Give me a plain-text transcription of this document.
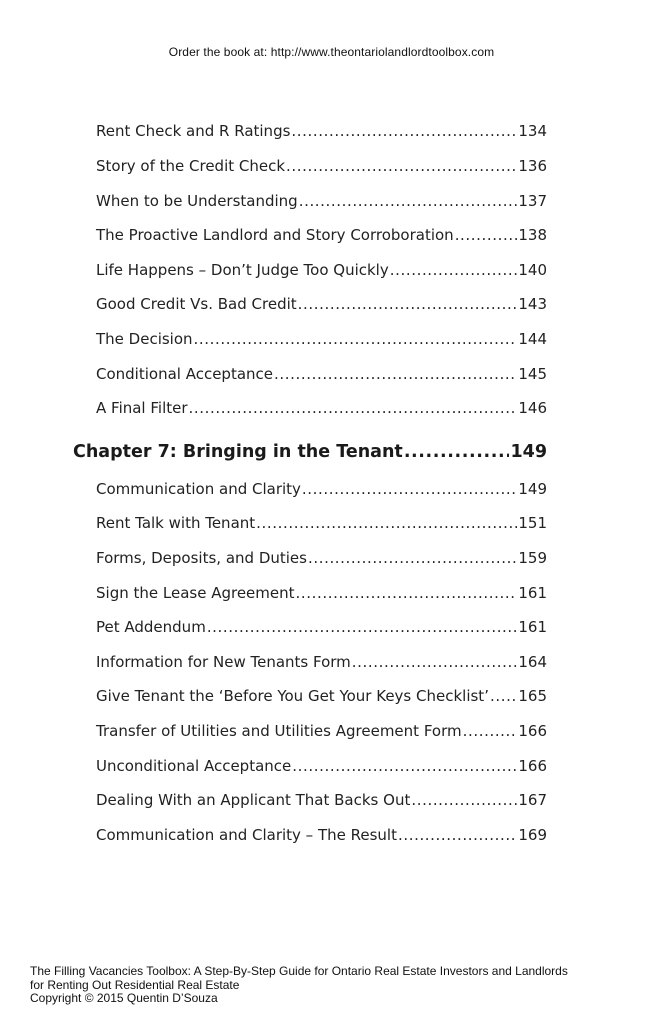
Order the book at: http://www.theontariolandlordtoolbox.com
Rent Check and R Ratings .....	134
Story of the Credit Check .....	136
When to be Understanding .....	137
The Proactive Landlord and Story Corroboration .....	138
Life Happens – Don’t Judge Too Quickly .....	140
Good Credit Vs. Bad Credit .....	143
The Decision .....	144
Conditional Acceptance .....	145
A Final Filter .....	146
Chapter 7: Bringing in the Tenant .....	149
Communication and Clarity .....	149
Rent Talk with Tenant .....	151
Forms, Deposits, and Duties .....	159
Sign the Lease Agreement .....	161
Pet Addendum .....	161
Information for New Tenants Form .....	164
Give Tenant the ‘Before You Get Your Keys Checklist’ ..... 165
Transfer of Utilities and Utilities Agreement Form .....	166
Unconditional Acceptance .....	166
Dealing With an Applicant That Backs Out .....	167
Communication and Clarity – The Result .....	169
The Filling Vacancies Toolbox: A Step-By-Step Guide for Ontario Real Estate Investors and Landlords
for Renting Out Residential Real Estate
Copyright © 2015 Quentin D’Souza
